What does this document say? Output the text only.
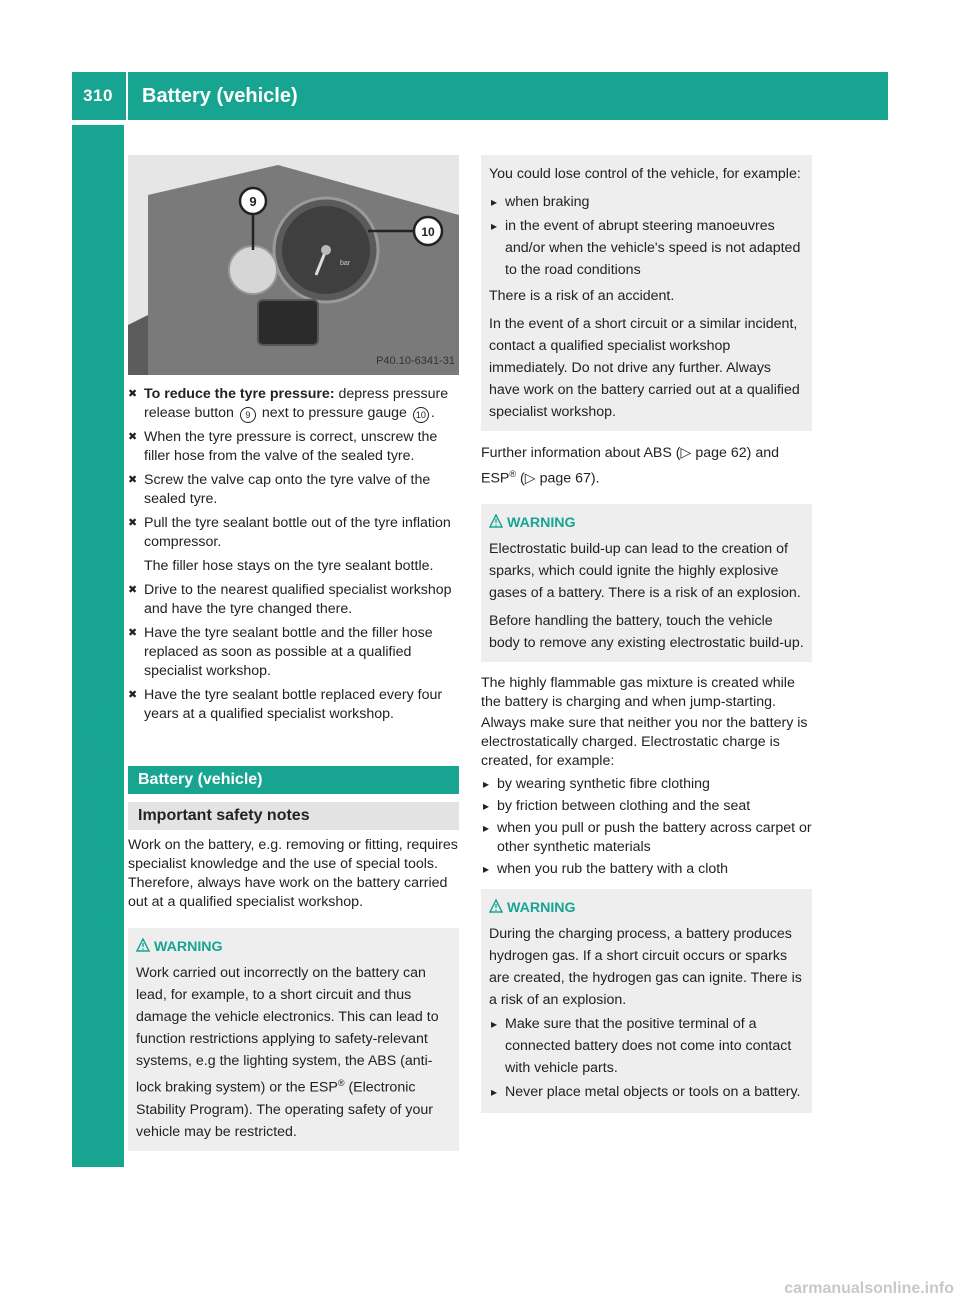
310	Battery (vehicle)
Breakdown assistance
9
10
bar
P40.10-6341-31
✖ To reduce the tyre pressure: depress pressure release button 9 next to pressure gauge 10 .
✖ When the tyre pressure is correct, unscrew the filler hose from the valve of the sealed tyre.
✖ Screw the valve cap onto the tyre valve of the sealed tyre.
✖ Pull the tyre sealant bottle out of the tyre inflation compressor.
The filler hose stays on the tyre sealant bottle.
✖ Drive to the nearest qualified specialist workshop and have the tyre changed there.
✖ Have the tyre sealant bottle and the filler hose replaced as soon as possible at a qualified specialist workshop.
✖ Have the tyre sealant bottle replaced every four years at a qualified specialist workshop.
Battery (vehicle)
Important safety notes

Work on the battery, e.g. removing or fitting, requires specialist knowledge and the use of special tools. Therefore, always have work on the battery carried out at a qualified specialist workshop.

WARNING

Work carried out incorrectly on the battery can lead, for example, to a short circuit and thus damage the vehicle electronics. This can lead to function restrictions applying to safety-relevant systems, e.g the lighting system, the ABS (anti-lock braking system) or the ESP® (Electronic Stability Program). The operating safety of your vehicle may be restricted.

You could lose control of the vehicle, for example:

▸ when braking
▸ in the event of abrupt steering manoeuvres and/or when the vehicle's speed is not adapted to the road conditions

There is a risk of an accident.

In the event of a short circuit or a similar incident, contact a qualified specialist workshop immediately. Do not drive any further. Always have work on the battery carried out at a qualified specialist workshop.

Further information about ABS (▷ page 62) and ESP® (▷ page 67).

WARNING

Electrostatic build-up can lead to the creation of sparks, which could ignite the highly explosive gases of a battery. There is a risk of an explosion.

Before handling the battery, touch the vehicle body to remove any existing electrostatic build-up.

The highly flammable gas mixture is created while the battery is charging and when jump-starting.

Always make sure that neither you nor the battery is electrostatically charged. Electrostatic charge is created, for example:

▸ by wearing synthetic fibre clothing
▸ by friction between clothing and the seat
▸ when you pull or push the battery across carpet or other synthetic materials
▸ when you rub the battery with a cloth
WARNING

During the charging process, a battery produces hydrogen gas. If a short circuit occurs or sparks are created, the hydrogen gas can ignite. There is a risk of an explosion.

▸ Make sure that the positive terminal of a connected battery does not come into contact with vehicle parts.
▸ Never place metal objects or tools on a battery.
carmanualsonline.info
